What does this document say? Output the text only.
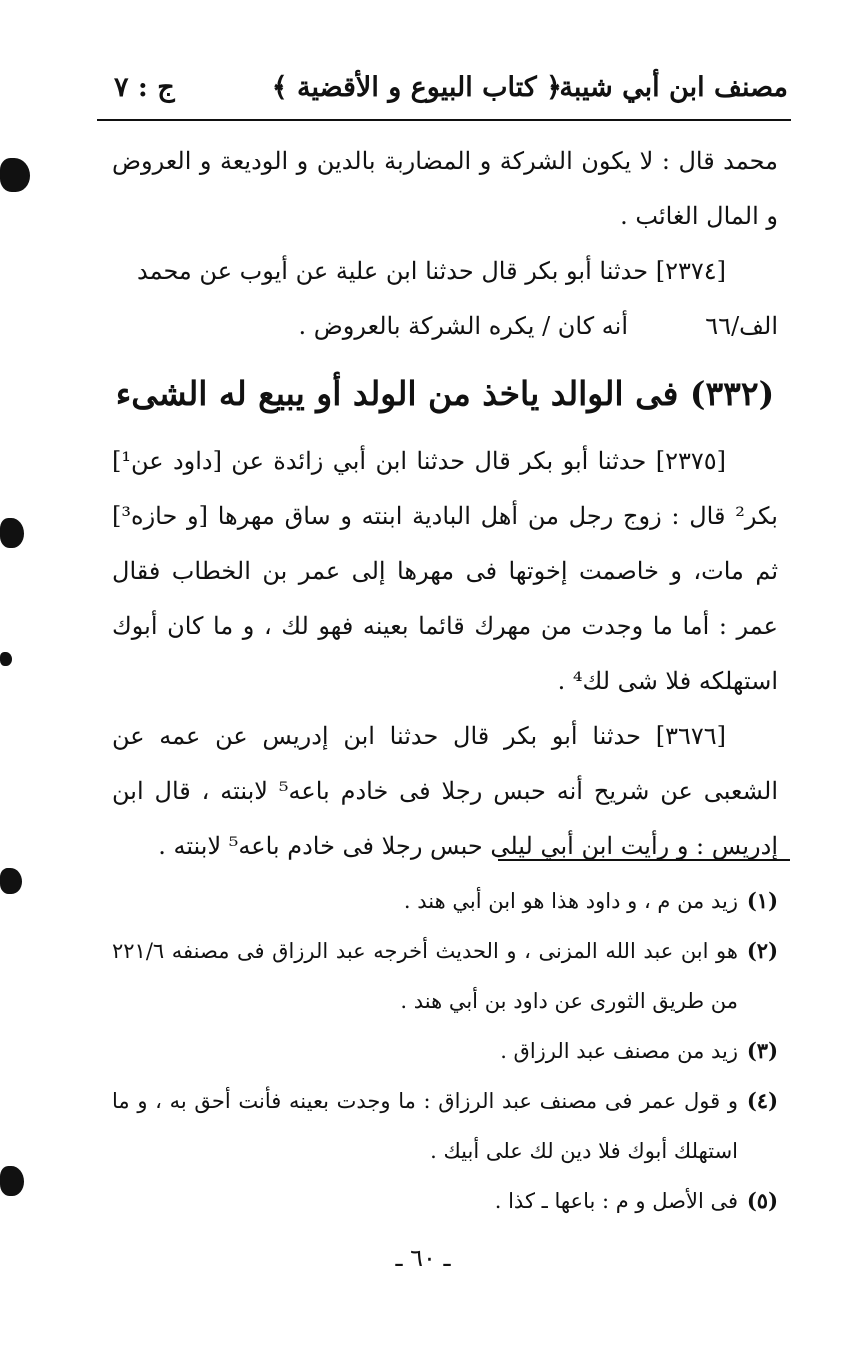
مصنف ابن أبي شيبة
﴿ كتاب البيوع و الأقضية ﴾
ج : ٧

محمد قال : لا يكون الشركة و المضاربة بالدين و الوديعة و العروض و المال الغائب .

[٢٣٧٤] حدثنا أبو بكر قال حدثنا ابن علية عن أيوب عن محمد

أنه كان / يكره الشركة بالعروض .	الف/٦٦

(٣٣٢) فى الوالد ياخذ من الولد أو يبيع له الشىء

[٢٣٧٥] حدثنا أبو بكر قال حدثنا ابن أبي زائدة عن [داود عن¹] بكر² قال : زوج رجل من أهل البادية ابنته و ساق مهرها [و حازه³] ثم مات، و خاصمت إخوتها فى مهرها إلى عمر بن الخطاب فقال عمر : أما ما وجدت من مهرك قائما بعينه فهو لك ، و ما كان أبوك استهلكه فلا شى لك⁴ .

[٣٦٧٦] حدثنا أبو بكر قال حدثنا ابن إدريس عن عمه عن الشعبى عن شريح أنه حبس رجلا فى خادم باعه⁵ لابنته ، قال ابن إدريس : و رأيت ابن أبي ليلى حبس رجلا فى خادم باعه⁵ لابنته .

(١)
زيد من م ، و داود هذا هو ابن أبي هند .
(٢)
هو ابن عبد الله المزنى ، و الحديث أخرجه عبد الرزاق فى مصنفه ٢٢١/٦ من طريق الثورى عن داود بن أبي هند .
(٣)
زيد من مصنف عبد الرزاق .
(٤)
و قول عمر فى مصنف عبد الرزاق : ما وجدت بعينه فأنت أحق به ، و ما استهلك أبوك فلا دين لك على أبيك .
(٥)
فى الأصل و م : باعها ـ كذا .
ـ ٦٠ ـ
